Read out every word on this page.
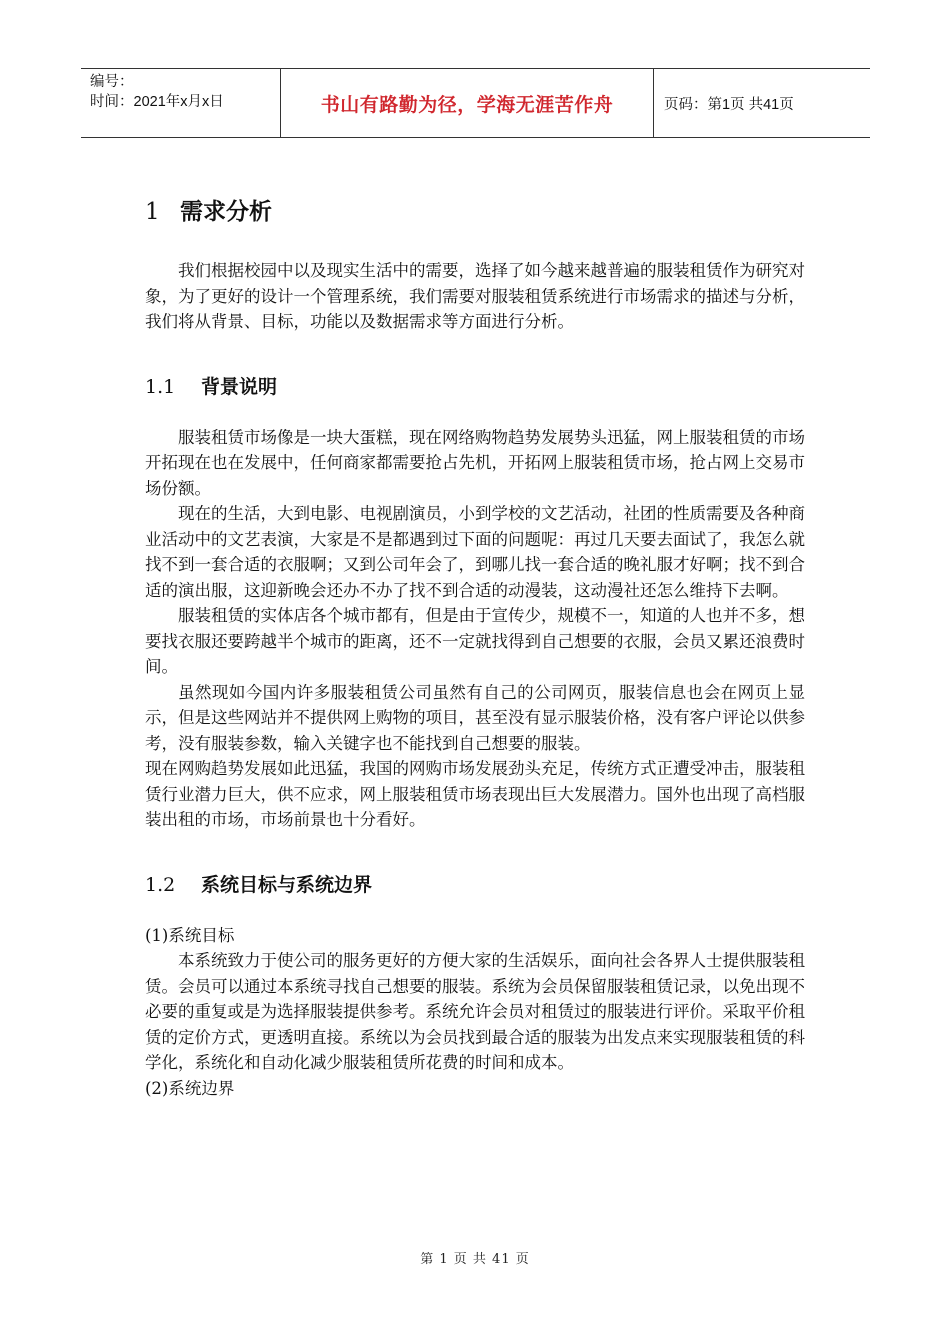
编号：
时间：2021年x月x日	书山有路勤为径，学海无涯苦作舟	页码：第1页 共41页
1 需求分析

我们根据校园中以及现实生活中的需要，选择了如今越来越普遍的服装租赁作为研究对象，为了更好的设计一个管理系统，我们需要对服装租赁系统进行市场需求的描述与分析，我们将从背景、目标，功能以及数据需求等方面进行分析。

1.1	背景说明

服装租赁市场像是一块大蛋糕，现在网络购物趋势发展势头迅猛，网上服装租赁的市场开拓现在也在发展中，任何商家都需要抢占先机，开拓网上服装租赁市场，抢占网上交易市场份额。

现在的生活，大到电影、电视剧演员，小到学校的文艺活动，社团的性质需要及各种商业活动中的文艺表演，大家是不是都遇到过下面的问题呢：再过几天要去面试了，我怎么就找不到一套合适的衣服啊；又到公司年会了，到哪儿找一套合适的晚礼服才好啊；找不到合适的演出服，这迎新晚会还办不办了找不到合适的动漫装，这动漫社还怎么维持下去啊。

服装租赁的实体店各个城市都有，但是由于宣传少，规模不一，知道的人也并不多，想要找衣服还要跨越半个城市的距离，还不一定就找得到自己想要的衣服，会员又累还浪费时间。

虽然现如今国内许多服装租赁公司虽然有自己的公司网页，服装信息也会在网页上显示，但是这些网站并不提供网上购物的项目，甚至没有显示服装价格，没有客户评论以供参考，没有服装参数，输入关键字也不能找到自己想要的服装。

现在网购趋势发展如此迅猛，我国的网购市场发展劲头充足，传统方式正遭受冲击，服装租赁行业潜力巨大，供不应求，网上服装租赁市场表现出巨大发展潜力。国外也出现了高档服装出租的市场，市场前景也十分看好。

1.2	系统目标与系统边界

(1)系统目标

本系统致力于使公司的服务更好的方便大家的生活娱乐，面向社会各界人士提供服装租赁。会员可以通过本系统寻找自己想要的服装。系统为会员保留服装租赁记录，以免出现不必要的重复或是为选择服装提供参考。系统允许会员对租赁过的服装进行评价。采取平价租赁的定价方式，更透明直接。系统以为会员找到最合适的服装为出发点来实现服装租赁的科学化，系统化和自动化减少服装租赁所花费的时间和成本。

(2)系统边界

第 1 页 共 41 页
